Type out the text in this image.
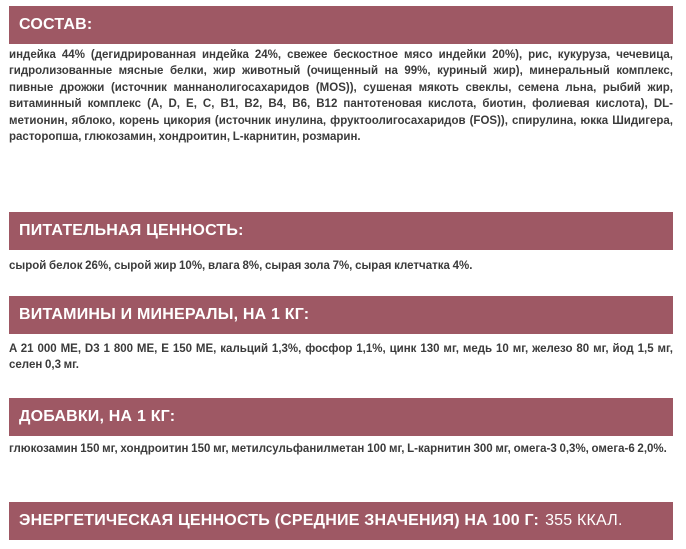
СОСТАВ:
индейка 44% (дегидрированная индейка 24%, свежее бескостное мясо индейки 20%), рис, кукуруза, чечевица, гидролизованные мясные белки, жир животный (очищенный на 99%, куриный жир), минеральный комплекс, пивные дрожжи (источник маннанолигосахаридов (MOS)), сушеная мякоть свеклы, семена льна, рыбий жир, витаминный комплекс (A, D, E, C, B1, B2, B4, B6, B12 пантотеновая кислота, биотин, фолиевая кислота), DL-метионин, яблоко, корень цикория (источник инулина, фруктоолигосахаридов (FOS)), спирулина, юкка Шидигера, расторопша, глюкозамин, хондроитин, L-карнитин, розмарин.
ПИТАТЕЛЬНАЯ ЦЕННОСТЬ:
сырой белок 26%, сырой жир 10%, влага 8%, сырая зола 7%, сырая клетчатка 4%.
ВИТАМИНЫ И МИНЕРАЛЫ, НА 1 КГ:
A 21 000 МЕ, D3 1 800 МЕ, E 150 МЕ, кальций 1,3%, фосфор 1,1%, цинк 130 мг, медь 10 мг, железо 80 мг, йод 1,5 мг, селен 0,3 мг.
ДОБАВКИ, НА 1 КГ:
глюкозамин 150 мг, хондроитин 150 мг, метилсульфанилметан 100 мг, L-карнитин 300 мг, омега-3 0,3%, омега-6 2,0%.
ЭНЕРГЕТИЧЕСКАЯ ЦЕННОСТЬ (СРЕДНИЕ ЗНАЧЕНИЯ) НА 100 Г: 355 ККАЛ.
